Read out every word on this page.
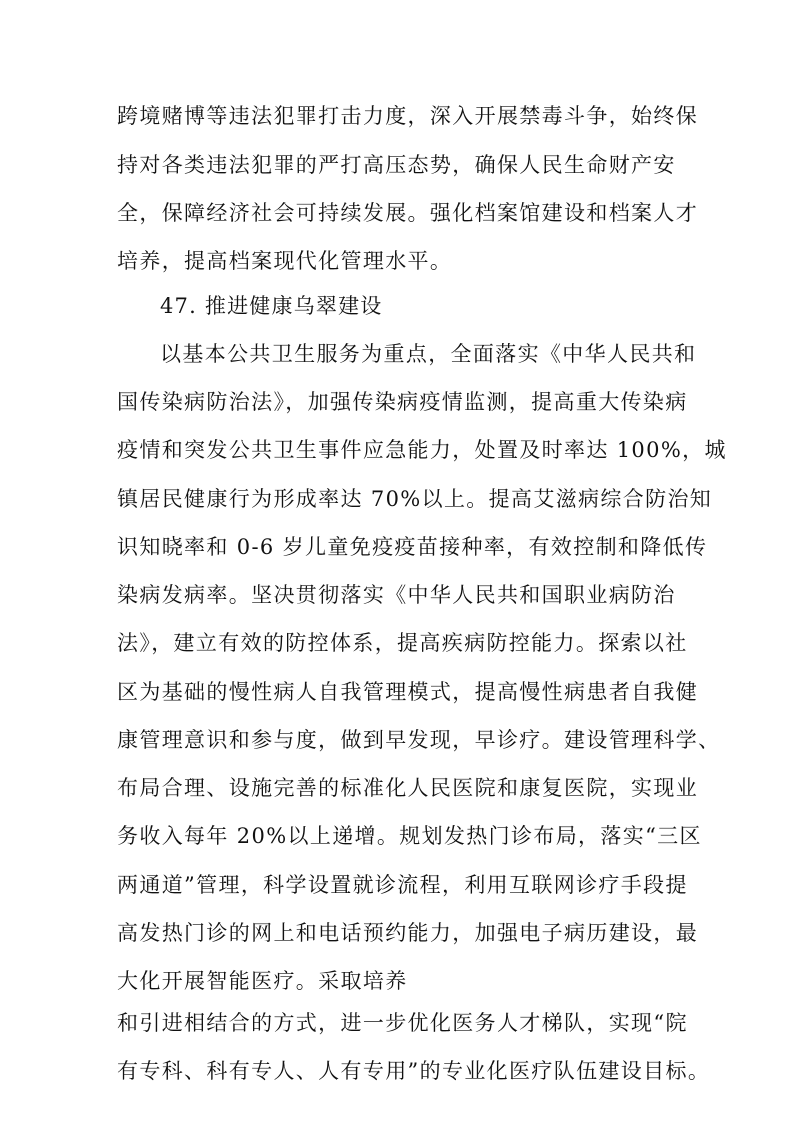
跨境赌博等违法犯罪打击力度，深入开展禁毒斗争，始终保
持对各类违法犯罪的严打高压态势，确保人民生命财产安
全，保障经济社会可持续发展。强化档案馆建设和档案人才
培养，提高档案现代化管理水平。
47. 推进健康乌翠建设
以基本公共卫生服务为重点，全面落实《中华人民共和
国传染病防治法》，加强传染病疫情监测，提高重大传染病
疫情和突发公共卫生事件应急能力，处置及时率达 100%，城
镇居民健康行为形成率达 70%以上。提高艾滋病综合防治知
识知晓率和 0-6 岁儿童免疫疫苗接种率，有效控制和降低传
染病发病率。坚决贯彻落实《中华人民共和国职业病防治
法》，建立有效的防控体系，提高疾病防控能力。探索以社
区为基础的慢性病人自我管理模式，提高慢性病患者自我健
康管理意识和参与度，做到早发现，早诊疗。建设管理科学、
布局合理、设施完善的标准化人民医院和康复医院，实现业
务收入每年 20%以上递增。规划发热门诊布局，落实“三区
两通道”管理，科学设置就诊流程，利用互联网诊疗手段提
高发热门诊的网上和电话预约能力，加强电子病历建设，最
大化开展智能医疗。采取培养
和引进相结合的方式，进一步优化医务人才梯队，实现“院
有专科、科有专人、人有专用”的专业化医疗队伍建设目标。
